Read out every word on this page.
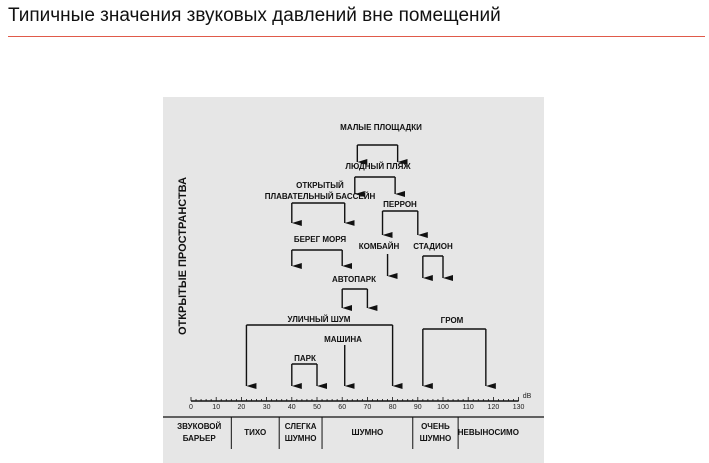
Типичные значения звуковых давлений вне помещений
ОТКРЫТЫЕ ПРОСТРАНСТВА
0	10 20 30 40 50 60 70 80 90 100 110 120 130
dB
МАЛЫЕ ПЛОЩАДКИ
ЛЮДНЫЙ ПЛЯЖ
ОТКРЫТЫЙ
ПЛАВАТЕЛЬНЫЙ БАССЕЙН
ПЕРРОН
БЕРЕГ МОРЯ
КОМБАЙН СТАДИОН
АВТОПАРК
УЛИЧНЫЙ ШУМ	ГРОМ
МАШИНА
ПАРК
ЗВУКОВОЙ
БАРЬЕР
ТИХО
СЛЕГКА
ШУМНО
ШУМНО
ОЧЕНЬ
ШУМНО
НЕВЫНОСИМО
